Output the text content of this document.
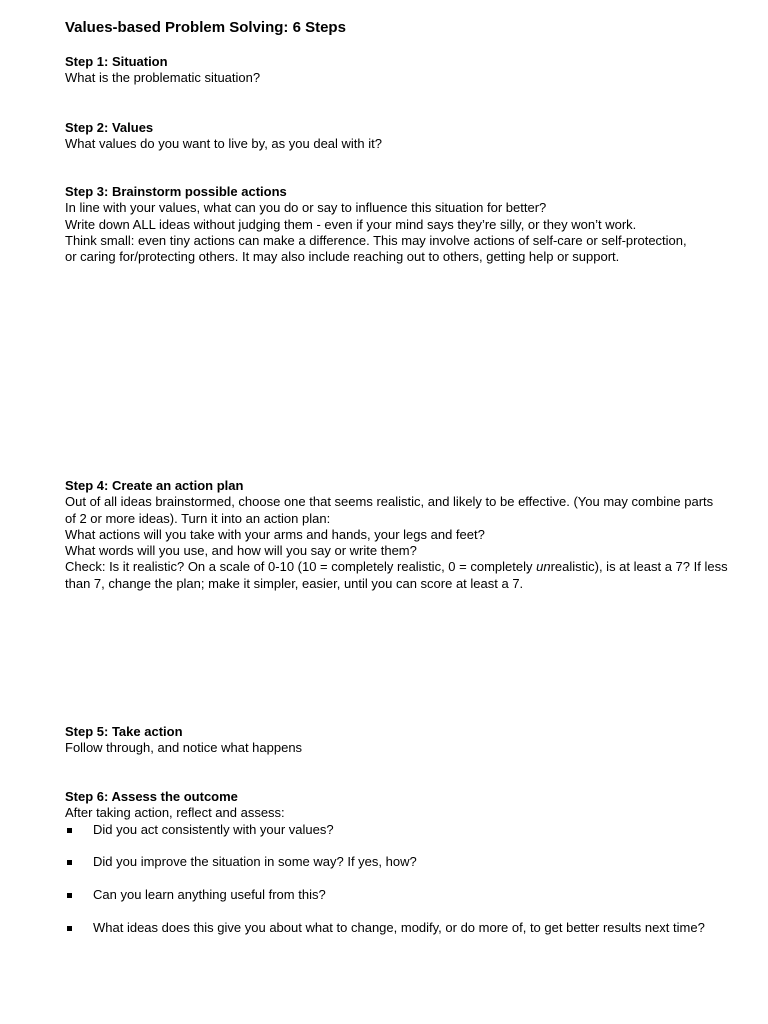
Values-based Problem Solving: 6 Steps
Step 1: Situation
What is the problematic situation?
Step 2: Values
What values do you want to live by, as you deal with it?
Step 3: Brainstorm possible actions
In line with your values, what can you do or say to influence this situation for better?
Write down ALL ideas without judging them - even if your mind says they’re silly, or they won’t work.
Think small: even tiny actions can make a difference. This may involve actions of self-care or self-protection,
or caring for/protecting others. It may also include reaching out to others, getting help or support.
Step 4: Create an action plan
Out of all ideas brainstormed, choose one that seems realistic, and likely to be effective. (You may combine parts
of 2 or more ideas). Turn it into an action plan:
What actions will you take with your arms and hands, your legs and feet?
What words will you use, and how will you say or write them?
Check: Is it realistic? On a scale of 0-10 (10 = completely realistic, 0 = completely unrealistic), is at least a 7? If less
than 7, change the plan; make it simpler, easier, until you can score at least a 7.
Step 5: Take action
Follow through, and notice what happens
Step 6: Assess the outcome
After taking action, reflect and assess:
Did you act consistently with your values?
Did you improve the situation in some way? If yes, how?
Can you learn anything useful from this?
What ideas does this give you about what to change, modify, or do more of, to get better results next time?
